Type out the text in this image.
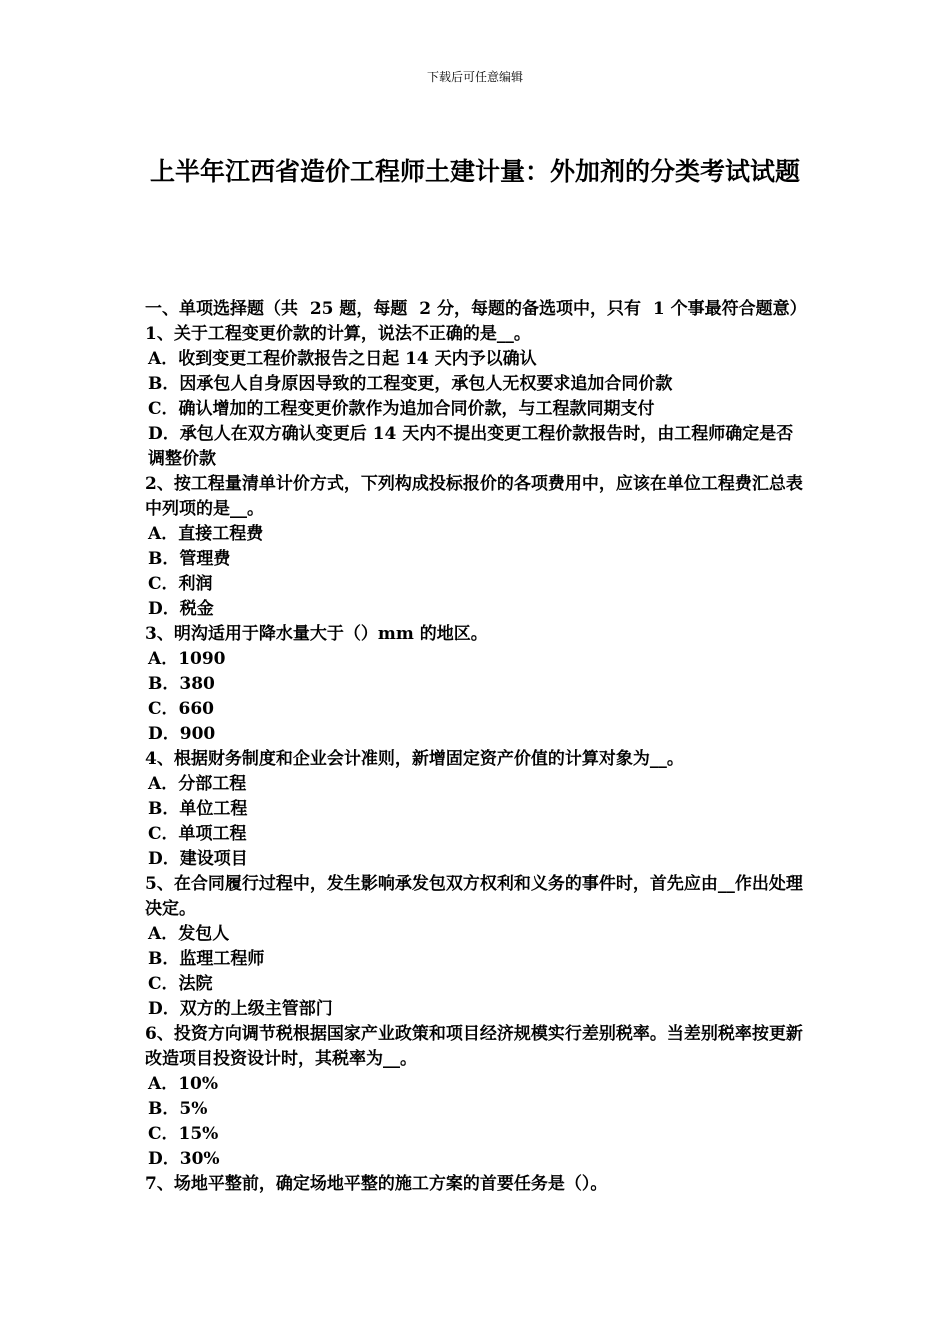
下载后可任意编辑
上半年江西省造价工程师土建计量：外加剂的分类考试试题
一、单项选择题（共  25 题，每题  2 分，每题的备选项中，只有  1 个事最符合题意）
1、关于工程变更价款的计算，说法不正确的是__。
A．收到变更工程价款报告之日起 14 天内予以确认
B．因承包人自身原因导致的工程变更，承包人无权要求追加合同价款
C．确认增加的工程变更价款作为追加合同价款，与工程款同期支付
D．承包人在双方确认变更后 14 天内不提出变更工程价款报告时，由工程师确定是否调整价款
2、按工程量清单计价方式，下列构成投标报价的各项费用中，应该在单位工程费汇总表中列项的是__。
A．直接工程费
B．管理费
C．利润
D．税金
3、明沟适用于降水量大于（）mm 的地区。
A．1090
B．380
C．660
D．900
4、根据财务制度和企业会计准则，新增固定资产价值的计算对象为__。
A．分部工程
B．单位工程
C．单项工程
D．建设项目
5、在合同履行过程中，发生影响承发包双方权利和义务的事件时，首先应由__作出处理决定。
A．发包人
B．监理工程师
C．法院
D．双方的上级主管部门
6、投资方向调节税根据国家产业政策和项目经济规模实行差别税率。当差别税率按更新改造项目投资设计时，其税率为__。
A．10%
B．5%
C．15%
D．30%
7、场地平整前，确定场地平整的施工方案的首要任务是（）。
